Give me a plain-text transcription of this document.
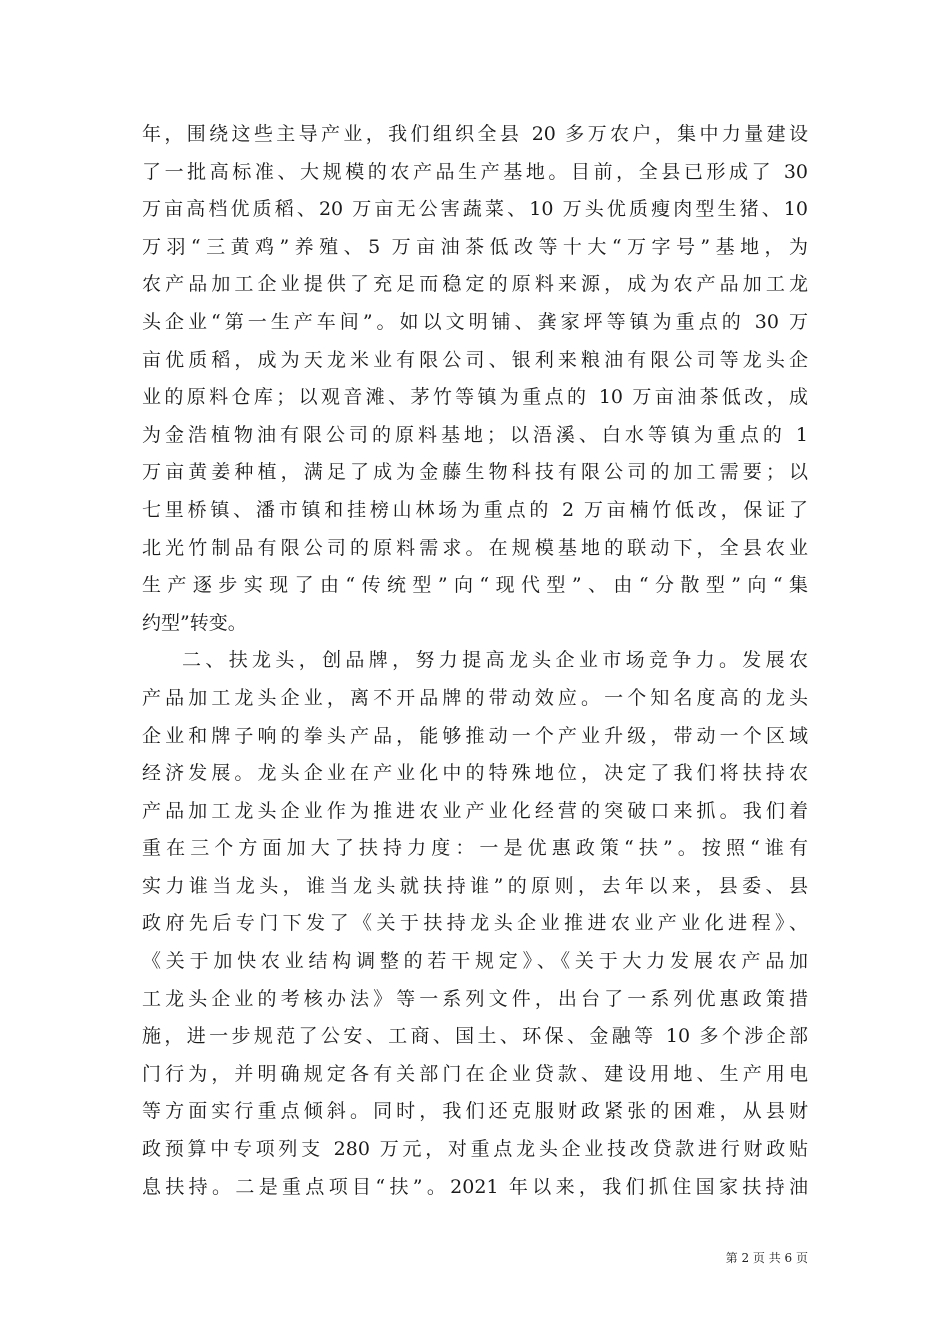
年，围绕这些主导产业，我们组织全县 20 多万农户，集中力量建设
了一批高标准、大规模的农产品生产基地。目前，全县已形成了 30
万亩高档优质稻、20 万亩无公害蔬菜、10 万头优质瘦肉型生猪、10
万羽“三黄鸡”养殖、5 万亩油茶低改等十大“万字号”基地，为
农产品加工企业提供了充足而稳定的原料来源，成为农产品加工龙
头企业“第一生产车间”。如以文明铺、龚家坪等镇为重点的 30 万
亩优质稻，成为天龙米业有限公司、银利来粮油有限公司等龙头企
业的原料仓库；以观音滩、茅竹等镇为重点的 10 万亩油茶低改，成
为金浩植物油有限公司的原料基地；以浯溪、白水等镇为重点的 1
万亩黄姜种植，满足了成为金藤生物科技有限公司的加工需要；以
七里桥镇、潘市镇和挂榜山林场为重点的 2 万亩楠竹低改，保证了
北光竹制品有限公司的原料需求。在规模基地的联动下，全县农业
生产逐步实现了由“传统型”向“现代型”、由“分散型”向“集
约型”转变。
二、扶龙头，创品牌，努力提高龙头企业市场竞争力。发展农
产品加工龙头企业，离不开品牌的带动效应。一个知名度高的龙头
企业和牌子响的拳头产品，能够推动一个产业升级，带动一个区域
经济发展。龙头企业在产业化中的特殊地位，决定了我们将扶持农
产品加工龙头企业作为推进农业产业化经营的突破口来抓。我们着
重在三个方面加大了扶持力度：一是优惠政策“扶”。按照“谁有
实力谁当龙头，谁当龙头就扶持谁”的原则，去年以来，县委、县
政府先后专门下发了《关于扶持龙头企业推进农业产业化进程》、
《关于加快农业结构调整的若干规定》、《关于大力发展农产品加
工龙头企业的考核办法》等一系列文件，出台了一系列优惠政策措
施，进一步规范了公安、工商、国土、环保、金融等 10 多个涉企部
门行为，并明确规定各有关部门在企业贷款、建设用地、生产用电
等方面实行重点倾斜。同时，我们还克服财政紧张的困难，从县财
政预算中专项列支 280 万元，对重点龙头企业技改贷款进行财政贴
息扶持。二是重点项目“扶”。2021 年以来，我们抓住国家扶持油
第 2 页 共 6 页
